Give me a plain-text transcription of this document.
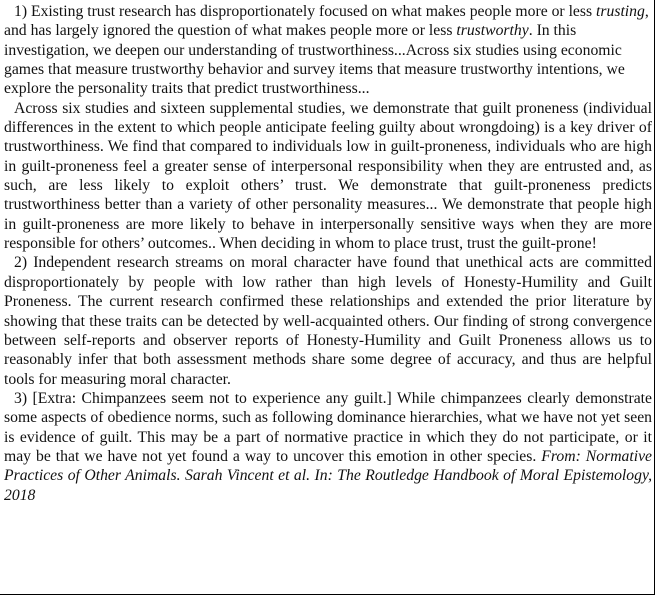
1) Existing trust research has disproportionately focused on what makes people more or less trusting, and has largely ignored the question of what makes people more or less trustworthy. In this investigation, we deepen our understanding of trustworthiness...Across six studies using economic games that measure trustworthy behavior and survey items that measure trustworthy intentions, we explore the personality traits that predict trustworthiness...

Across six studies and sixteen supplemental studies, we demonstrate that guilt proneness (individual differences in the extent to which people anticipate feeling guilty about wrongdoing) is a key driver of trustworthiness. We find that compared to individuals low in guilt-proneness, individuals who are high in guilt-proneness feel a greater sense of interpersonal responsibility when they are entrusted and, as such, are less likely to exploit others’ trust. We demonstrate that guilt-proneness predicts trustworthiness better than a variety of other personality measures... We demonstrate that people high in guilt-proneness are more likely to behave in interpersonally sensitive ways when they are more responsible for others’ outcomes.. When deciding in whom to place trust, trust the guilt-prone!

2) Independent research streams on moral character have found that unethical acts are committed disproportionately by people with low rather than high levels of Honesty-Humility and Guilt Proneness. The current research confirmed these relationships and extended the prior literature by showing that these traits can be detected by well-acquainted others. Our finding of strong convergence between self-reports and observer reports of Honesty-Humility and Guilt Proneness allows us to reasonably infer that both assessment methods share some degree of accuracy, and thus are helpful tools for measuring moral character.

3) [Extra: Chimpanzees seem not to experience any guilt.] While chimpanzees clearly demonstrate some aspects of obedience norms, such as following dominance hierarchies, what we have not yet seen is evidence of guilt. This may be a part of normative practice in which they do not participate, or it may be that we have not yet found a way to uncover this emotion in other species. From: Normative Practices of Other Animals. Sarah Vincent et al. In: The Routledge Handbook of Moral Epistemology, 2018
